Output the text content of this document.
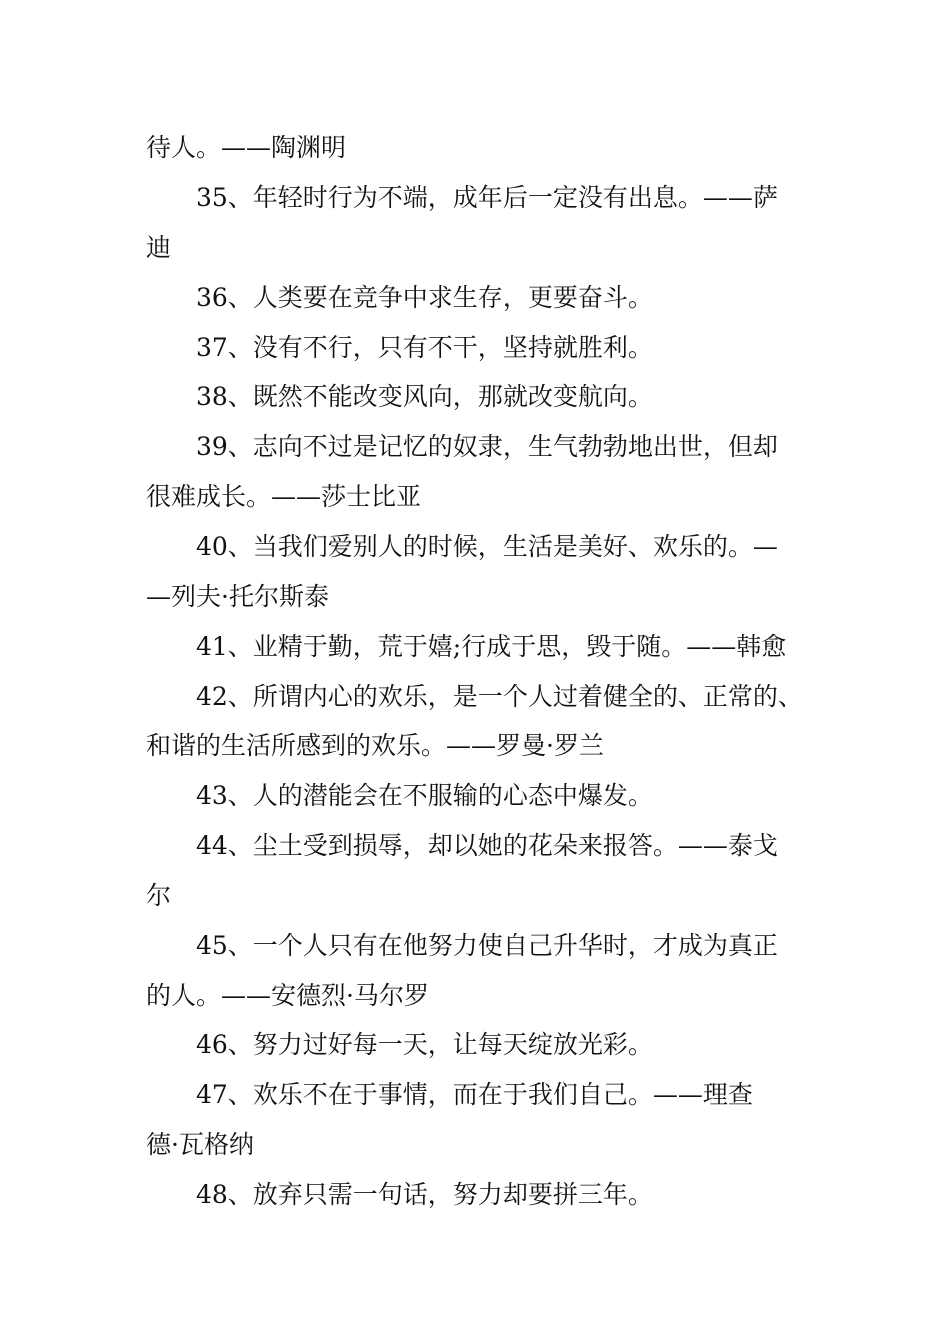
待人。——陶渊明
35、年轻时行为不端，成年后一定没有出息。——萨
迪
36、人类要在竞争中求生存，更要奋斗。
37、没有不行，只有不干，坚持就胜利。
38、既然不能改变风向，那就改变航向。
39、志向不过是记忆的奴隶，生气勃勃地出世，但却
很难成长。——莎士比亚
40、当我们爱别人的时候，生活是美好、欢乐的。—
—列夫·托尔斯泰
41、业精于勤，荒于嬉;行成于思，毁于随。——韩愈
42、所谓内心的欢乐，是一个人过着健全的、正常的、
和谐的生活所感到的欢乐。——罗曼·罗兰
43、人的潜能会在不服输的心态中爆发。
44、尘土受到损辱，却以她的花朵来报答。——泰戈
尔
45、一个人只有在他努力使自己升华时，才成为真正
的人。——安德烈·马尔罗
46、努力过好每一天，让每天绽放光彩。
47、欢乐不在于事情，而在于我们自己。——理查
德·瓦格纳
48、放弃只需一句话，努力却要拼三年。
